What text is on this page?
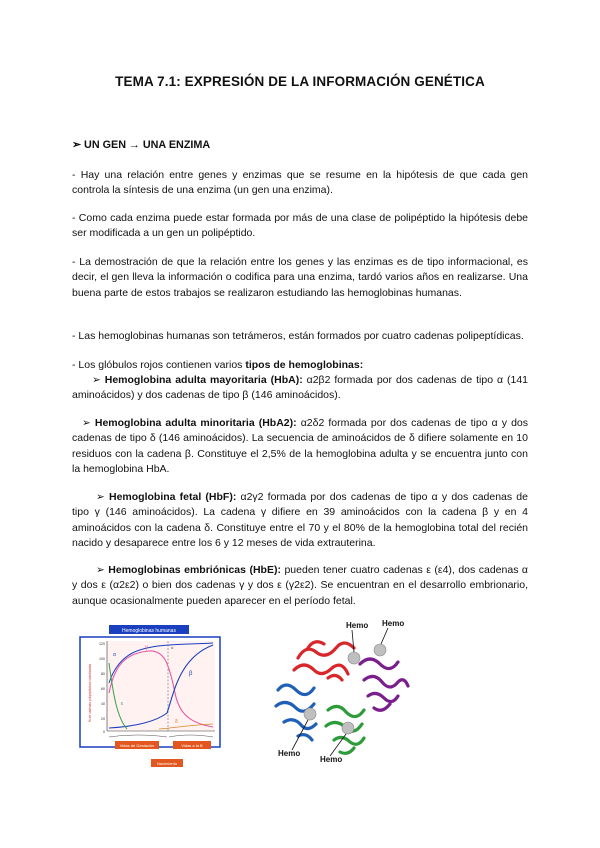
TEMA 7.1: EXPRESIÓN DE LA INFORMACIÓN GENÉTICA
➢ UN GEN → UNA ENZIMA

- Hay una relación entre genes y enzimas que se resume en la hipótesis de que cada gen controla la síntesis de una enzima (un gen una enzima).

- Como cada enzima puede estar formada por más de una clase de polipéptido la hipótesis debe ser modificada a un gen un polipéptido.

- La demostración de que la relación entre los genes y las enzimas es de tipo informacional, es decir, el gen lleva la información o codifica para una enzima, tardó varios años en realizarse. Una buena parte de estos trabajos se realizaron estudiando las hemoglobinas humanas.

- Las hemoglobinas humanas son tetrámeros, están formados por cuatro cadenas polipeptídicas.

- Los glóbulos rojos contienen varios tipos de hemoglobinas:

➢ Hemoglobina adulta mayoritaria (HbA): α2β2 formada por dos cadenas de tipo α (141 aminoácidos) y dos cadenas de tipo β (146 aminoácidos).

➢ Hemoglobina adulta minoritaria (HbA2): α2δ2 formada por dos cadenas de tipo α y dos cadenas de tipo δ (146 aminoácidos). La secuencia de aminoácidos de δ difiere solamente en 10 residuos con la cadena β. Constituye el 2,5% de la hemoglobina adulta y se encuentra junto con la hemoglobina HbA.

➢ Hemoglobina fetal (HbF): α2γ2 formada por dos cadenas de tipo α y dos cadenas de tipo γ (146 aminoácidos). La cadena γ difiere en 39 aminoácidos con la cadena β y en 4 aminoácidos con la cadena δ. Constituye entre el 70 y el 80% de la hemoglobina total del recién nacido y desaparece entre los 6 y 12 meses de vida extrauterina.

➢ Hemoglobinas embriónicas (HbE): pueden tener cuatro cadenas ε (ε4), dos cadenas α y dos ε (α2ε2) o bien dos cadenas γ y dos ε (γ2ε2). Se encuentran en el desarrollo embrionario, aunque ocasionalmente pueden aparecer en el período fetal.

Hemoglobinas humanas
% de cadenas polipeptídicas sintetizadas
120
100
80
60
40
20
0
α
γ
β
ε
δ
α
Vidas de Gestación	Vidas a la B
Nacimiento
Hemo Hemo
Hemo
Hemo
